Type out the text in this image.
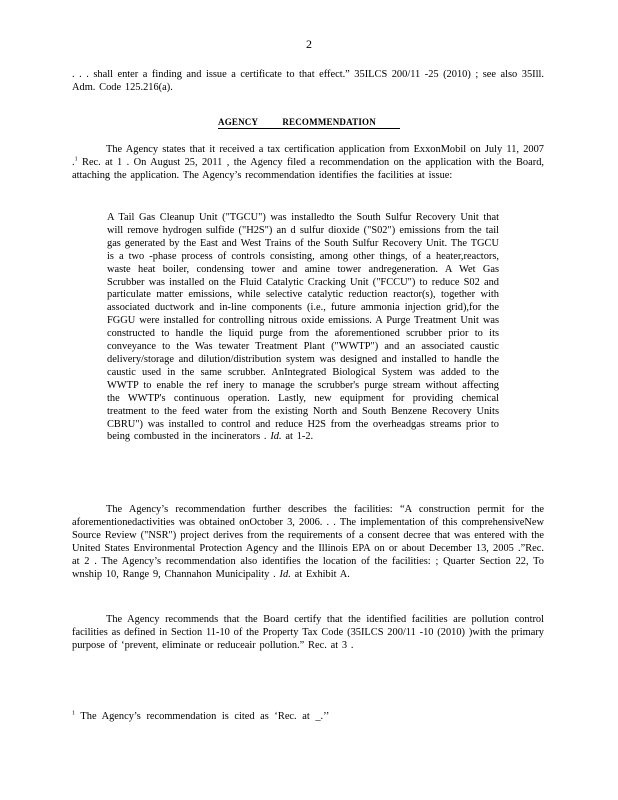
2

. . . shall enter a finding and issue a certificate to that effect.” 35ILCS 200/11 -25 (2010) ; see also 35Ill. Adm. Code 125.216(a).

AGENCY RECOMMENDATION

The Agency states that it received a tax certification application from ExxonMobil on July 11, 2007 .$^1$ Rec. at 1 . On August 25, 2011 , the Agency filed a recommendation on the application with the Board, attaching the application. The Agency’s recommendation identifies the facilities at issue:

A Tail Gas Cleanup Unit ("TGCU") was installedto the South Sulfur Recovery Unit that will remove hydrogen sulfide ("H2S") an d sulfur dioxide ("S02") emissions from the tail gas generated by the East and West Trains of the South Sulfur Recovery Unit. The TGCU is a two -phase process of controls consisting, among other things, of a heater,reactors, waste heat boiler, condensing tower and amine tower andregeneration. A Wet Gas Scrubber was installed on the Fluid Catalytic Cracking Unit ("FCCU") to reduce S02 and particulate matter emissions, while selective catalytic reduction reactor(s), together with associated ductwork and in-line components (i.e., future ammonia injection grid),for the FGGU were installed for controlling nitrous oxide emissions. A Purge Treatment Unit was constructed to handle the liquid purge from the aforementioned scrubber prior to its conveyance to the Was tewater Treatment Plant ("WWTP") and an associated caustic delivery/storage and dilution/distribution system was designed and installed to handle the caustic used in the same scrubber. AnIntegrated Biological System was added to the WWTP to enable the ref inery to manage the scrubber's purge stream without affecting the WWTP's continuous operation. Lastly, new equipment for providing chemical treatment to the feed water from the existing North and South Benzene Recovery Units CBRU") was installed to control and reduce H2S from the overheadgas streams prior to being combusted in the incinerators . Id. at 1-2.

The Agency’s recommendation further describes the facilities: “A construction permit for the aforementionedactivities was obtained onOctober 3, 2006. . . The implementation of this comprehensiveNew Source Review ("NSR") project derives from the requirements of a consent decree that was entered with the United States Environmental Protection Agency and the Illinois EPA on or about December 13, 2005 .”Rec. at 2 . The Agency’s recommendation also identifies the location of the facilities: ; Quarter Section 22, To wnship 10, Range 9, Channahon Municipality . Id. at Exhibit A.

The Agency recommends that the Board certify that the identified facilities are pollution control facilities as defined in Section 11-10 of the Property Tax Code (35ILCS 200/11 -10 (2010) )with the primary purpose of ‘prevent, eliminate or reduceair pollution.” Rec. at 3 .

$^1$ The Agency’s recommendation is cited as ‘Rec. at _.’’
